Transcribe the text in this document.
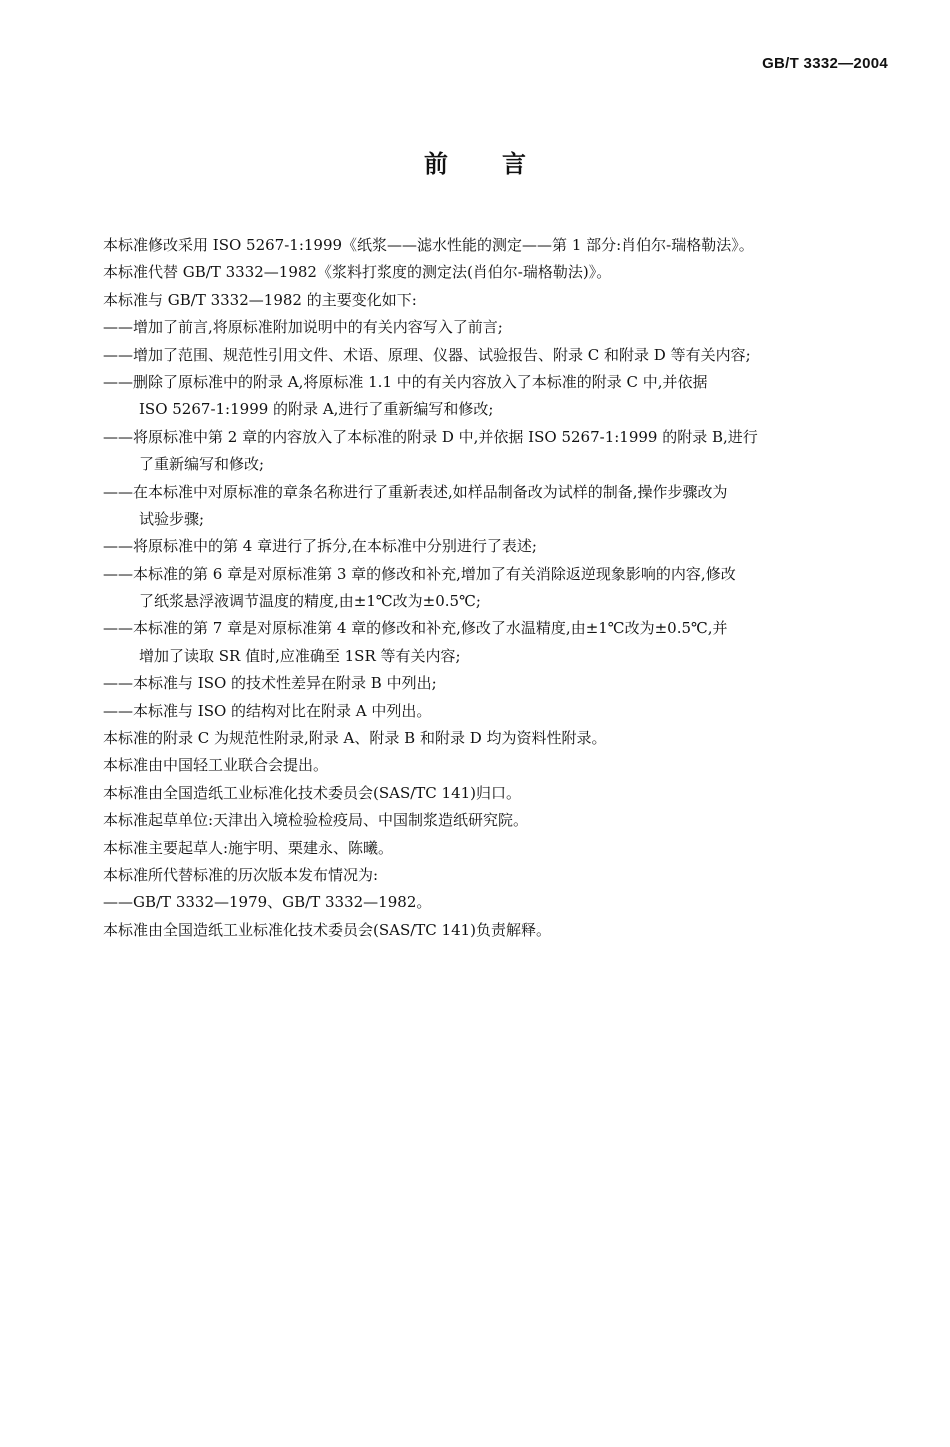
GB/T 3332—2004
前言
本标准修改采用 ISO 5267-1:1999《纸浆——滤水性能的测定——第 1 部分:肖伯尔-瑞格勒法》。
本标准代替 GB/T 3332—1982《浆料打浆度的测定法(肖伯尔-瑞格勒法)》。
本标准与 GB/T 3332—1982 的主要变化如下:
——增加了前言,将原标准附加说明中的有关内容写入了前言;
——增加了范围、规范性引用文件、术语、原理、仪器、试验报告、附录 C 和附录 D 等有关内容;
——删除了原标准中的附录 A,将原标准 1.1 中的有关内容放入了本标准的附录 C 中,并依据
ISO 5267-1:1999 的附录 A,进行了重新编写和修改;
——将原标准中第 2 章的内容放入了本标准的附录 D 中,并依据 ISO 5267-1:1999 的附录 B,进行
了重新编写和修改;
——在本标准中对原标准的章条名称进行了重新表述,如样品制备改为试样的制备,操作步骤改为
试验步骤;
——将原标准中的第 4 章进行了拆分,在本标准中分别进行了表述;
——本标准的第 6 章是对原标准第 3 章的修改和补充,增加了有关消除返逆现象影响的内容,修改
了纸浆悬浮液调节温度的精度,由±1℃改为±0.5℃;
——本标准的第 7 章是对原标准第 4 章的修改和补充,修改了水温精度,由±1℃改为±0.5℃,并
增加了读取 SR 值时,应准确至 1SR 等有关内容;
——本标准与 ISO 的技术性差异在附录 B 中列出;
——本标准与 ISO 的结构对比在附录 A 中列出。
本标准的附录 C 为规范性附录,附录 A、附录 B 和附录 D 均为资料性附录。
本标准由中国轻工业联合会提出。
本标准由全国造纸工业标准化技术委员会(SAS/TC 141)归口。
本标准起草单位:天津出入境检验检疫局、中国制浆造纸研究院。
本标准主要起草人:施宇明、栗建永、陈曦。
本标准所代替标准的历次版本发布情况为:
——GB/T 3332—1979、GB/T 3332—1982。
本标准由全国造纸工业标准化技术委员会(SAS/TC 141)负责解释。
